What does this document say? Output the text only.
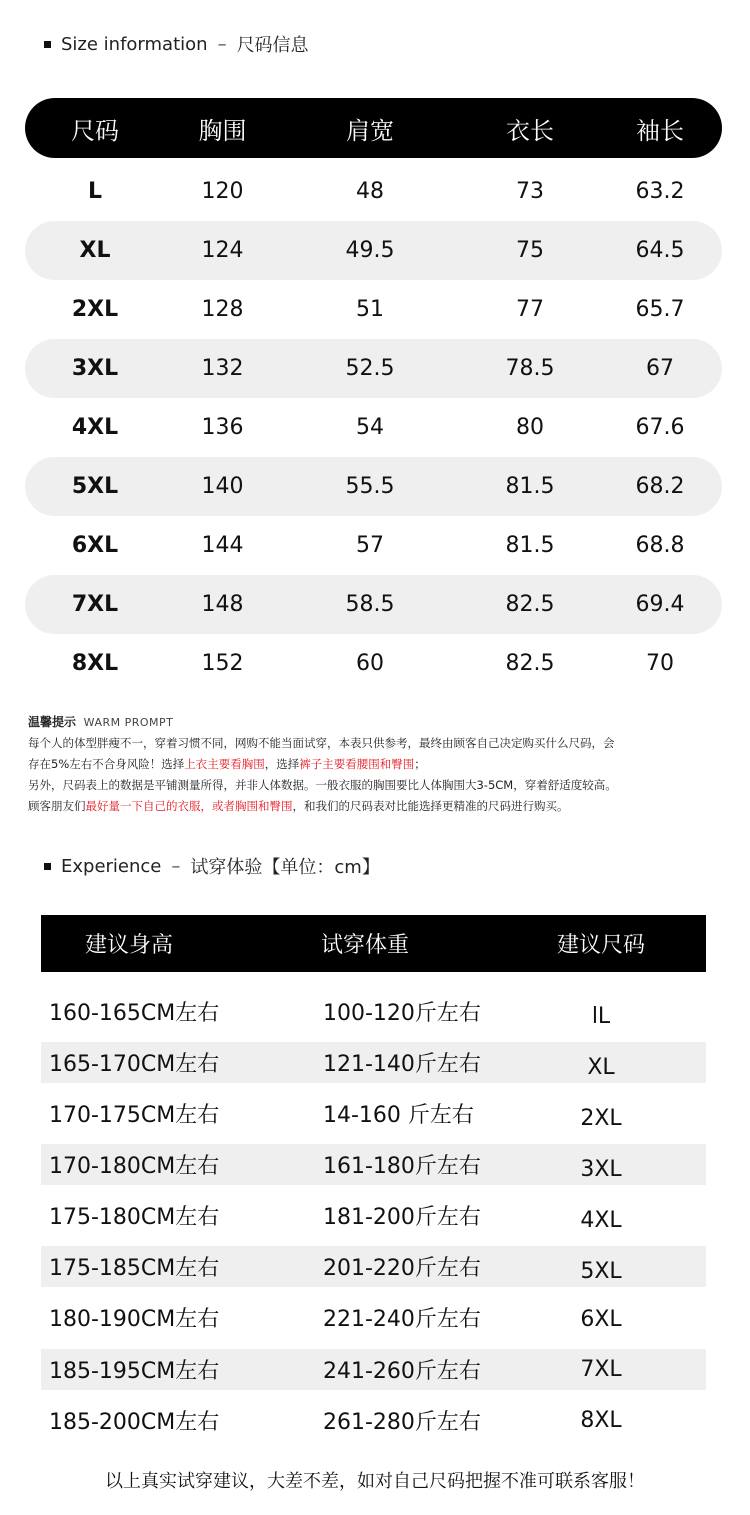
Size information – 尺码信息
尺码	胸围	肩宽	衣长	袖长
L	120	48	73	63.2
XL	124	49.5	75	64.5
2XL	128	51	77	65.7
3XL	132	52.5	78.5	67
4XL	136	54	80	67.6
5XL	140	55.5	81.5	68.2
6XL	144	57	81.5	68.8
7XL	148	58.5	82.5	69.4
8XL	152	60	82.5	70

温馨提示 WARM PROMPT

每个人的体型胖瘦不一，穿着习惯不同，网购不能当面试穿，本表只供参考，最终由顾客自己决定购买什么尺码，会

存在5%左右不合身风险！选择上衣主要看胸围，选择裤子主要看腰围和臀围；

另外，尺码表上的数据是平铺测量所得，并非人体数据。一般衣服的胸围要比人体胸围大3-5CM，穿着舒适度较高。

顾客朋友们最好量一下自己的衣服，或者胸围和臀围，和我们的尺码表对比能选择更精准的尺码进行购买。

Experience – 试穿体验【单位：cm】
建议身高	试穿体重	建议尺码
160-165CM左右	100-120斤左右	lL
165-170CM左右	121-140斤左右	XL
170-175CM左右	14-160 斤左右	2XL
170-180CM左右	161-180斤左右	3XL
175-180CM左右	181-200斤左右	4XL
175-185CM左右	201-220斤左右	5XL
180-190CM左右	221-240斤左右	6XL
185-195CM左右	241-260斤左右	7XL
185-200CM左右	261-280斤左右	8XL
以上真实试穿建议，大差不差，如对自己尺码把握不准可联系客服！
